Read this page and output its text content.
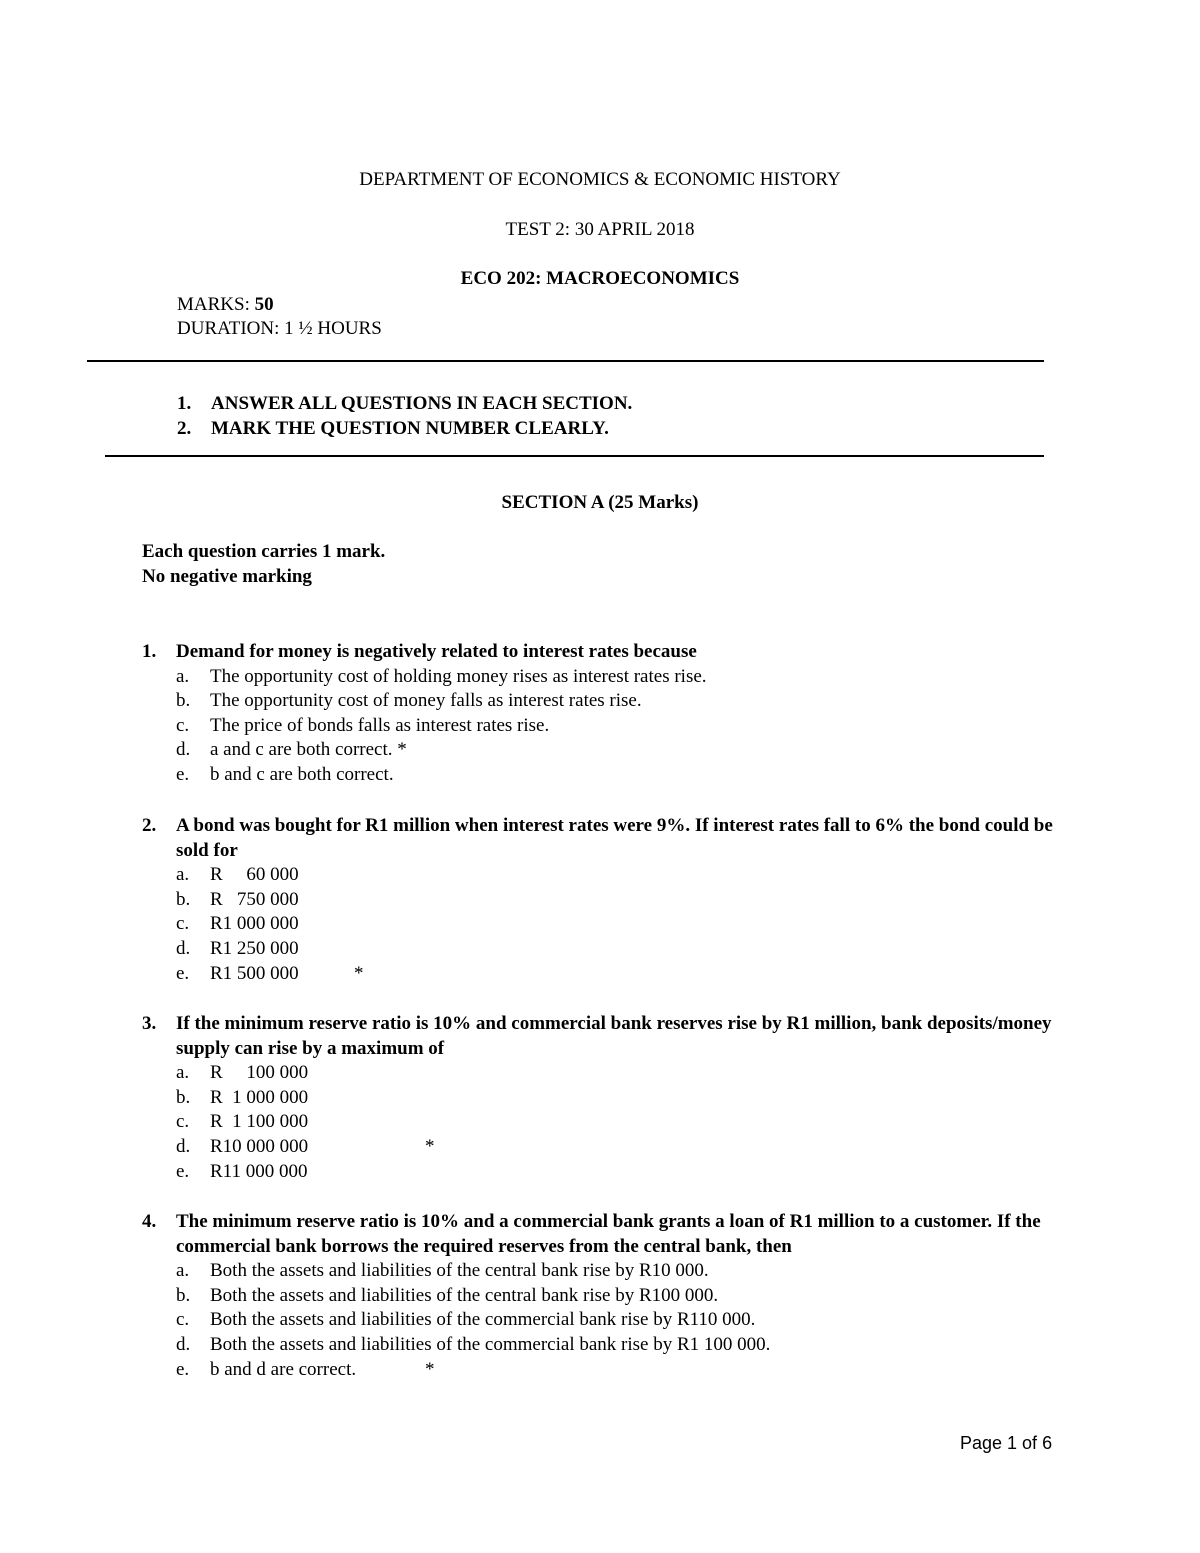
DEPARTMENT OF ECONOMICS & ECONOMIC HISTORY
TEST 2: 30 APRIL 2018
ECO 202: MACROECONOMICS
MARKS: 50
DURATION: 1 ½ HOURS
1. ANSWER ALL QUESTIONS IN EACH SECTION.
2. MARK THE QUESTION NUMBER CLEARLY.
SECTION A (25 Marks)
Each question carries 1 mark.
No negative marking
1. Demand for money is negatively related to interest rates because
a. The opportunity cost of holding money rises as interest rates rise.
b. The opportunity cost of money falls as interest rates rise.
c. The price of bonds falls as interest rates rise.
d. a and c are both correct. *
e. b and c are both correct.
2. A bond was bought for R1 million when interest rates were 9%. If interest rates fall to 6% the bond could be sold for
a. R     60 000
b. R   750 000
c. R1 000 000
d. R1 250 000
e. R1 500 000	*
3. If the minimum reserve ratio is 10% and commercial bank reserves rise by R1 million, bank deposits/money supply can rise by a maximum of
a. R     100 000
b. R  1 000 000
c. R  1 100 000
d. R10 000 000	*
e. R11 000 000
4. The minimum reserve ratio is 10% and a commercial bank grants a loan of R1 million to a customer. If the commercial bank borrows the required reserves from the central bank, then
a. Both the assets and liabilities of the central bank rise by R10 000.
b. Both the assets and liabilities of the central bank rise by R100 000.
c. Both the assets and liabilities of the commercial bank rise by R110 000.
d. Both the assets and liabilities of the commercial bank rise by R1 100 000.
e. b and d are correct.	*
Page 1 of 6
